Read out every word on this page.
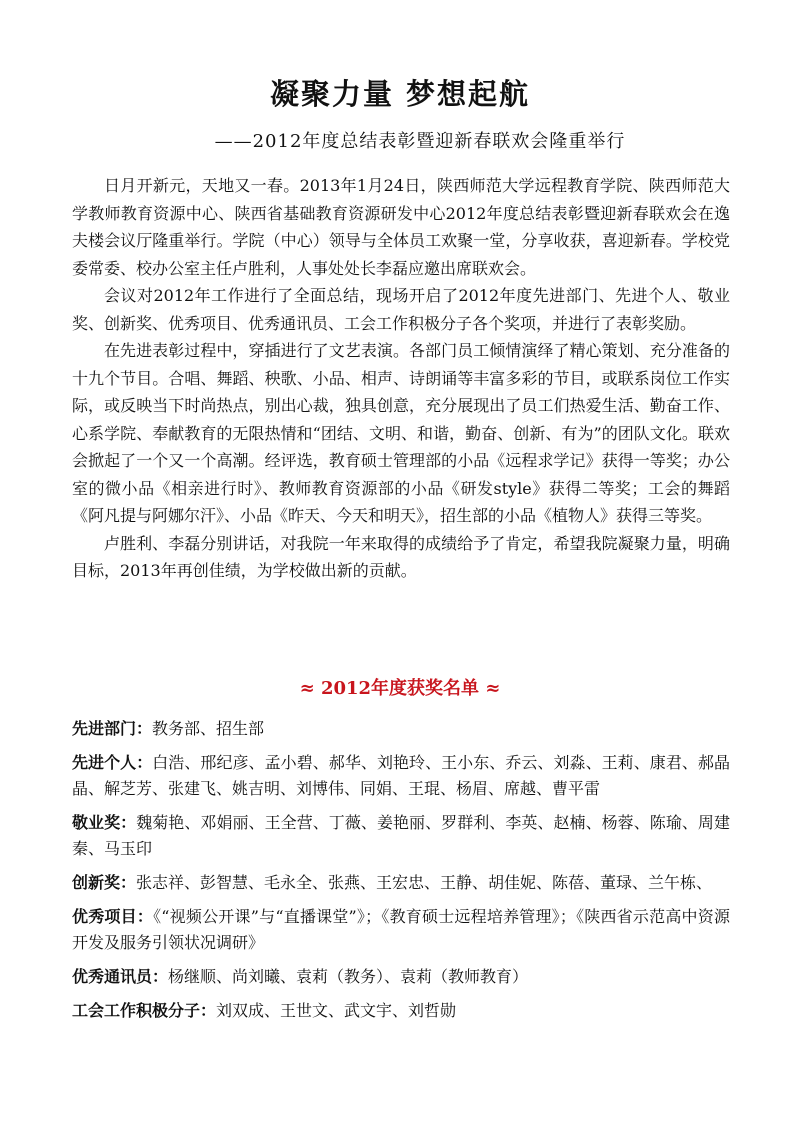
凝聚力量 梦想起航
——2012年度总结表彰暨迎新春联欢会隆重举行

日月开新元，天地又一春。2013年1月24日，陕西师范大学远程教育学院、陕西师范大学教师教育资源中心、陕西省基础教育资源研发中心2012年度总结表彰暨迎新春联欢会在逸夫楼会议厅隆重举行。学院（中心）领导与全体员工欢聚一堂，分享收获，喜迎新春。学校党委常委、校办公室主任卢胜利，人事处处长李磊应邀出席联欢会。

会议对2012年工作进行了全面总结，现场开启了2012年度先进部门、先进个人、敬业奖、创新奖、优秀项目、优秀通讯员、工会工作积极分子各个奖项，并进行了表彰奖励。

在先进表彰过程中，穿插进行了文艺表演。各部门员工倾情演绎了精心策划、充分准备的十九个节目。合唱、舞蹈、秧歌、小品、相声、诗朗诵等丰富多彩的节目，或联系岗位工作实际，或反映当下时尚热点，别出心裁，独具创意，充分展现出了员工们热爱生活、勤奋工作、心系学院、奉献教育的无限热情和“团结、文明、和谐，勤奋、创新、有为”的团队文化。联欢会掀起了一个又一个高潮。经评选，教育硕士管理部的小品《远程求学记》获得一等奖；办公室的微小品《相亲进行时》、教师教育资源部的小品《研发style》获得二等奖；工会的舞蹈《阿凡提与阿娜尔汗》、小品《昨天、今天和明天》，招生部的小品《植物人》获得三等奖。

卢胜利、李磊分别讲话，对我院一年来取得的成绩给予了肯定，希望我院凝聚力量，明确目标，2013年再创佳绩，为学校做出新的贡献。

≈ 2012年度获奖名单 ≈

先进部门：教务部、招生部

先进个人：白浩、邢纪彦、孟小碧、郝华、刘艳玲、王小东、乔云、刘淼、王莉、康君、郝晶晶、解芝芳、张建飞、姚吉明、刘博伟、同娟、王琨、杨眉、席越、曹平雷

敬业奖：魏菊艳、邓娟丽、王全营、丁薇、姜艳丽、罗群利、李英、赵楠、杨蓉、陈瑜、周建秦、马玉印

创新奖：张志祥、彭智慧、毛永全、张燕、王宏忠、王静、胡佳妮、陈蓓、董琭、兰午栋、

优秀项目：《“视频公开课”与“直播课堂”》；《教育硕士远程培养管理》；《陕西省示范高中资源开发及服务引领状况调研》

优秀通讯员：杨继顺、尚刘曦、袁莉（教务）、袁莉（教师教育）

工会工作积极分子：刘双成、王世文、武文宇、刘哲勋
